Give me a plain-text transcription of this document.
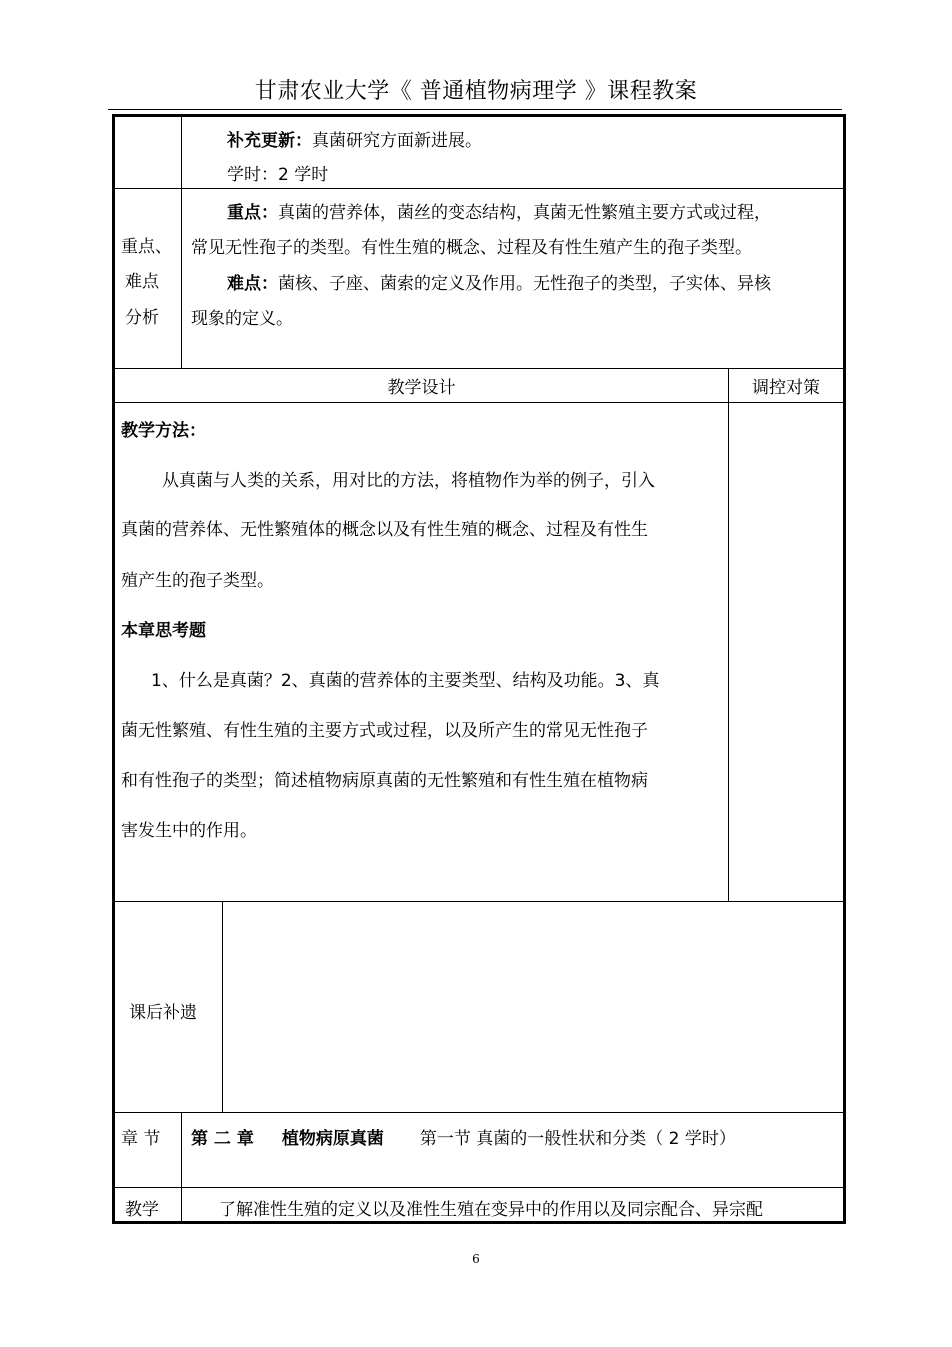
甘肃农业大学《 普通植物病理学 》课程教案
补充更新：真菌研究方面新进展。
学时：2 学时
重点、
难点
分析
重点：真菌的营养体，菌丝的变态结构，真菌无性繁殖主要方式或过程，
常见无性孢子的类型。有性生殖的概念、过程及有性生殖产生的孢子类型。
难点：菌核、子座、菌索的定义及作用。无性孢子的类型，子实体、异核
现象的定义。
教学设计	调控对策
教学方法：
从真菌与人类的关系，用对比的方法，将植物作为举的例子，引入
真菌的营养体、无性繁殖体的概念以及有性生殖的概念、过程及有性生
殖产生的孢子类型。
本章思考题
1、什么是真菌？2、真菌的营养体的主要类型、结构及功能。3、真
菌无性繁殖、有性生殖的主要方式或过程，以及所产生的常见无性孢子
和有性孢子的类型；简述植物病原真菌的无性繁殖和有性生殖在植物病
害发生中的作用。
课后补遗
章 节 第 二 章 植物病原真菌 第一节 真菌的一般性状和分类（ 2 学时）
教学	了解准性生殖的定义以及准性生殖在变异中的作用以及同宗配合、异宗配
6
